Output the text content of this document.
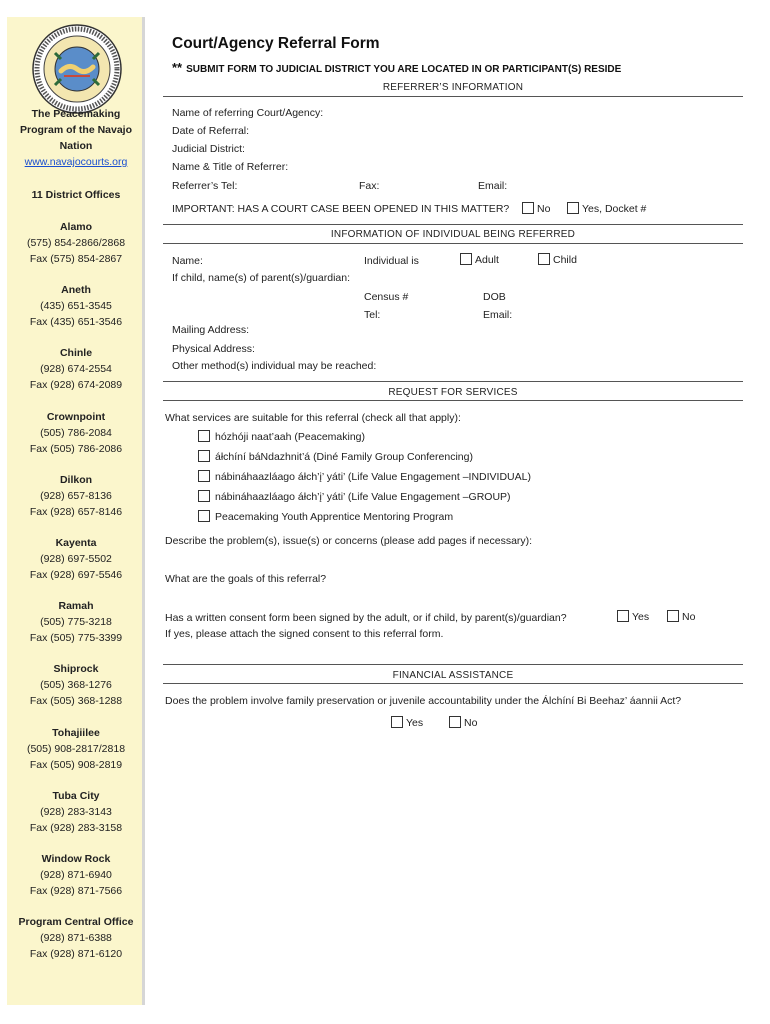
The Peacemaking
Program of the Navajo
Nation
www.navajocourts.org
11 District Offices
Alamo
(575) 854-2866/2868
Fax (575) 854-2867
Aneth
(435) 651-3545
Fax (435) 651-3546
Chinle
(928) 674-2554
Fax (928) 674-2089
Crownpoint
(505) 786-2084
Fax (505) 786-2086
Dilkon
(928) 657-8136
Fax (928) 657-8146
Kayenta
(928) 697-5502
Fax (928) 697-5546
Ramah
(505) 775-3218
Fax (505) 775-3399
Shiprock
(505) 368-1276
Fax (505) 368-1288
Tohajiilee
(505) 908-2817/2818
Fax (505) 908-2819
Tuba City
(928) 283-3143
Fax (928) 283-3158
Window Rock
(928) 871-6940
Fax (928) 871-7566
Program Central Office
(928) 871-6388
Fax (928) 871-6120
Court/Agency Referral Form
** SUBMIT FORM TO JUDICIAL DISTRICT YOU ARE LOCATED IN OR PARTICIPANT(S) RESIDE
REFERRER’S INFORMATION
Name of referring Court/Agency:
Date of Referral:
Judicial District:
Name & Title of Referrer:
Referrer’s Tel:	Fax:	Email:
IMPORTANT: HAS A COURT CASE BEEN OPENED IN THIS MATTER?	No	Yes, Docket #
INFORMATION OF INDIVIDUAL BEING REFERRED
Name:	Individual is	Adult	Child
If child, name(s) of parent(s)/guardian:
Census #	DOB
Tel:	Email:
Mailing Address:
Physical Address:
Other method(s) individual may be reached:
REQUEST FOR SERVICES
What services are suitable for this referral (check all that apply):
hózhóji naat’aah (Peacemaking)
áłchíní báNdazhnit’á (Diné Family Group Conferencing)
nábináhaazláago áłch’į’ yáti’ (Life Value Engagement –INDIVIDUAL)
nábináhaazláago áłch’į’ yáti’ (Life Value Engagement –GROUP)
Peacemaking Youth Apprentice Mentoring Program
Describe the problem(s), issue(s) or concerns (please add pages if necessary):
What are the goals of this referral?
Has a written consent form been signed by the adult, or if child, by parent(s)/guardian?	Yes	No
If yes, please attach the signed consent to this referral form.
FINANCIAL ASSISTANCE
Does the problem involve family preservation or juvenile accountability under the Álchíní Bi Beehaz’ áannii Act?
Yes	No
